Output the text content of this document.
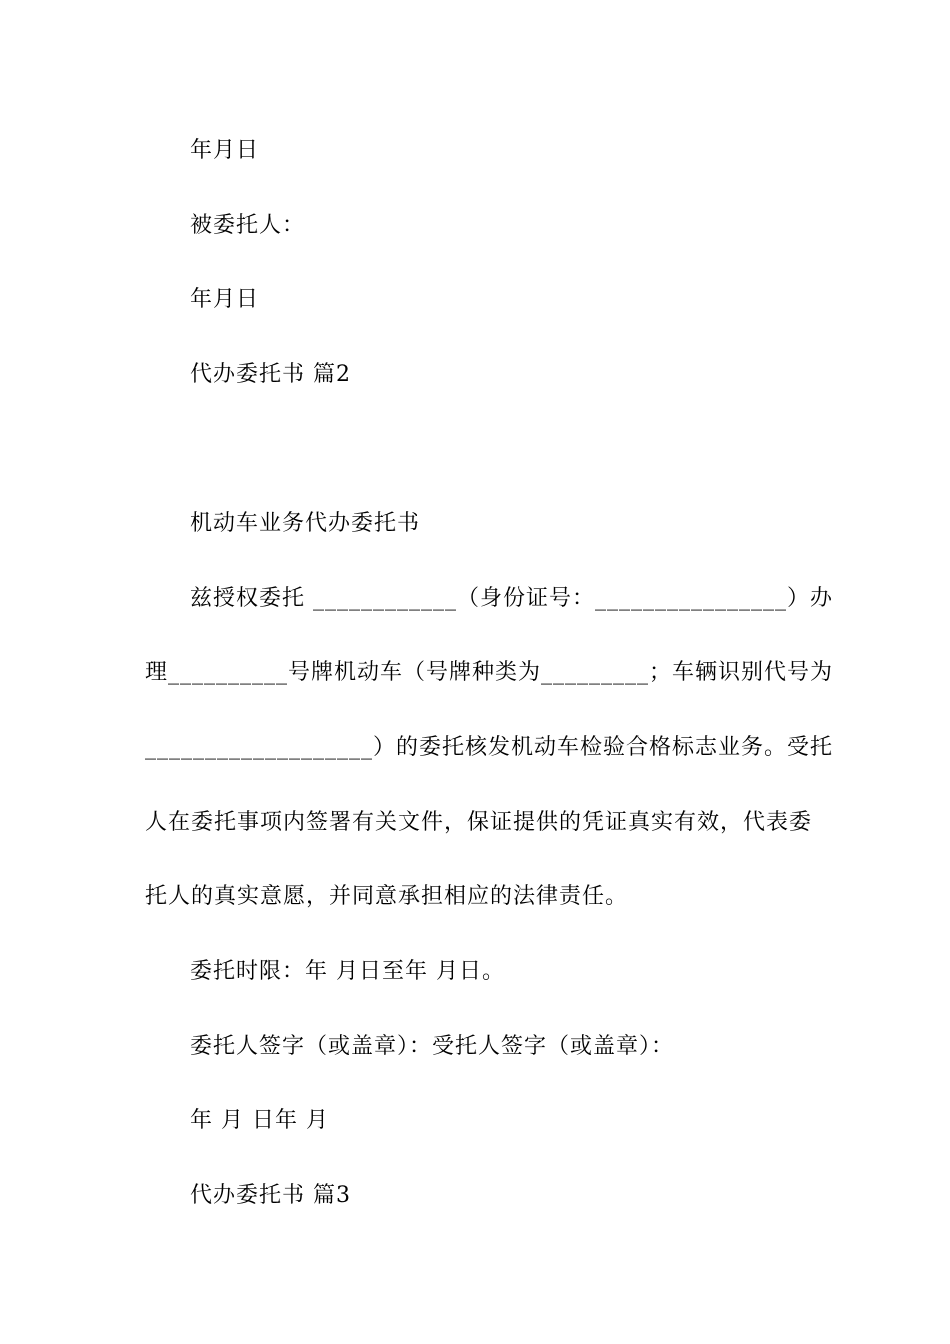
年月日
被委托人：
年月日
代办委托书 篇2
机动车业务代办委托书
兹授权委托 ____________（身份证号：________________）办
理__________号牌机动车（号牌种类为_________；车辆识别代号为
___________________）的委托核发机动车检验合格标志业务。受托
人在委托事项内签署有关文件，保证提供的凭证真实有效，代表委
托人的真实意愿，并同意承担相应的法律责任。
委托时限：年 月日至年 月日。
委托人签字（或盖章）：受托人签字（或盖章）：
年 月 日年 月
代办委托书 篇3
